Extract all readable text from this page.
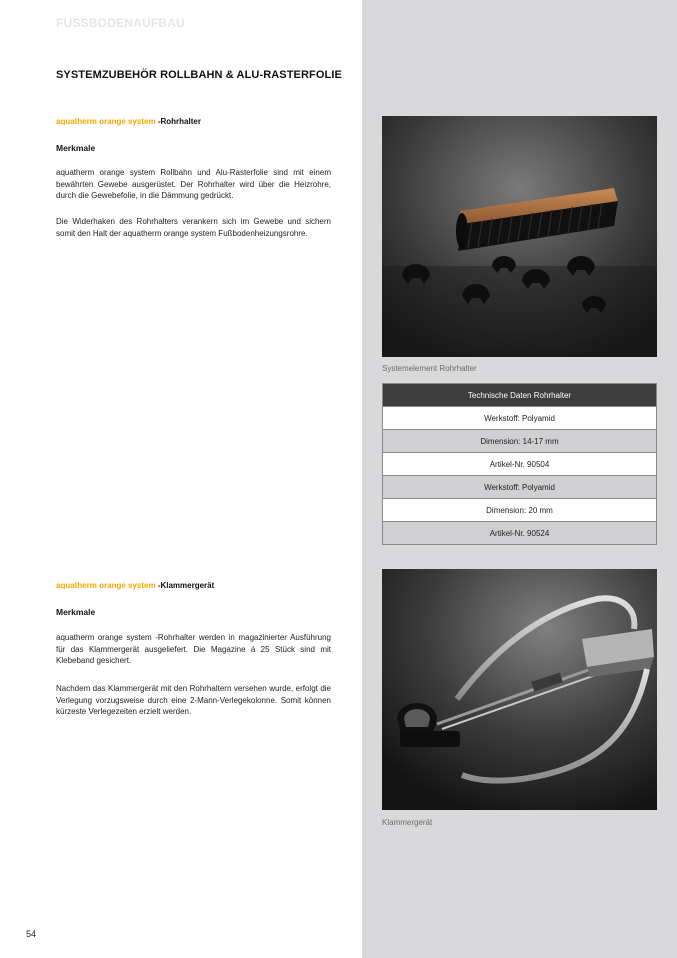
FUSSBODENAUFBAU
SYSTEMZUBEHÖR ROLLBAHN & ALU-RASTERFOLIE
aquatherm orange system -Rohrhalter
Merkmale

aquatherm orange system Rollbahn und Alu-Rasterfolie sind mit einem bewährten Gewebe ausgerüstet. Der Rohrhalter wird über die Heizrohre, durch die Gewebefolie, in die Dämmung gedrückt.

Die Widerhaken des Rohrhalters verankern sich im Gewebe und sichern somit den Halt der aquatherm orange system Fußbodenheizungsrohre.

Systemelement Rohrhalter
Technische Daten Rohrhalter
Werkstoff: Polyamid
Dimension: 14-17 mm
Artikel-Nr. 90504
Werkstoff: Polyamid
Dimension: 20 mm
Artikel-Nr. 90524
aquatherm orange system -Klammergerät
Merkmale

aquatherm orange system -Rohrhalter werden in magazinierter Ausführung für das Klammergerät ausgeliefert. Die Magazine á 25 Stück sind mit Klebeband gesichert.

Nachdem das Klammergerät mit den Rohrhaltern versehen wurde, erfolgt die Verlegung vorzugsweise durch eine 2-Mann-Verlegekolonne. Somit können kürzeste Verlegezeiten erzielt werden.

Klammergerät
54
